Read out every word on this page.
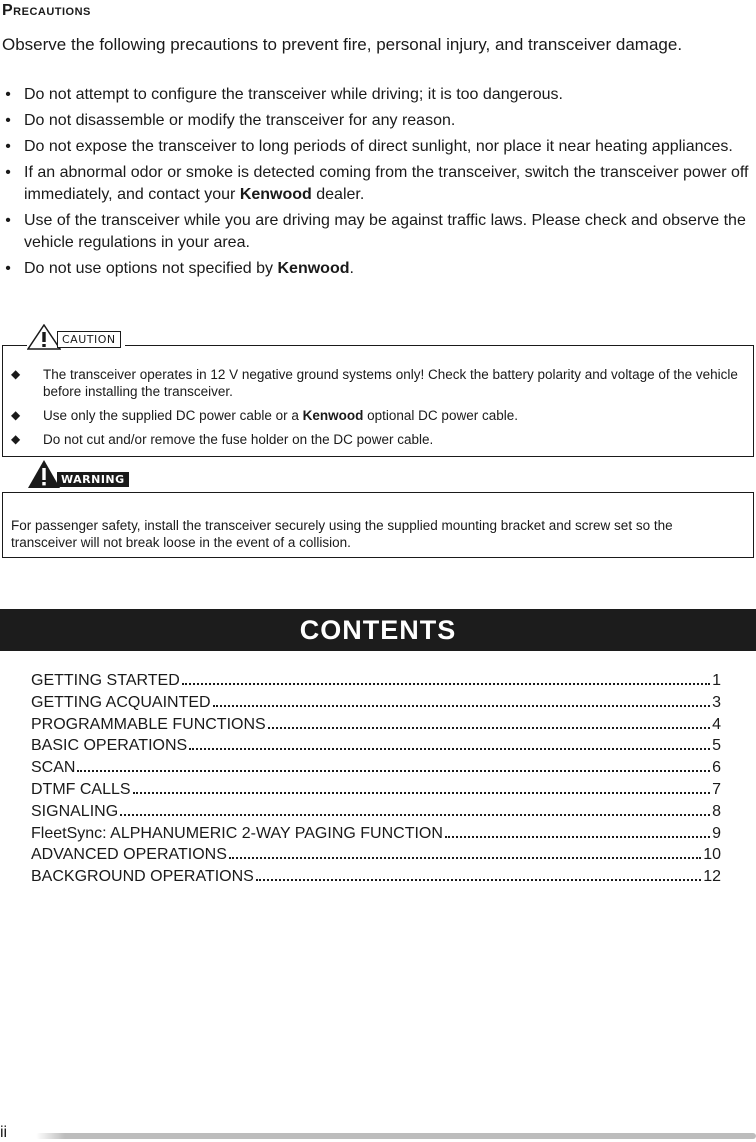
Precautions

Observe the following precautions to prevent fire, personal injury, and transceiver damage.

• Do not attempt to configure the transceiver while driving; it is too dangerous.
• Do not disassemble or modify the transceiver for any reason.
• Do not expose the transceiver to long periods of direct sunlight, nor place it near heating appliances.
• If an abnormal odor or smoke is detected coming from the transceiver, switch the transceiver power off immediately, and contact your Kenwood dealer.
• Use of the transceiver while you are driving may be against traffic laws. Please check and observe the vehicle regulations in your area.
• Do not use options not specified by Kenwood.
CAUTION
◆ The transceiver operates in 12 V negative ground systems only! Check the battery polarity and voltage of the vehicle before installing the transceiver.
◆ Use only the supplied DC power cable or a Kenwood optional DC power cable.
◆ Do not cut and/or remove the fuse holder on the DC power cable.
WARNING

For passenger safety, install the transceiver securely using the supplied mounting bracket and screw set so the transceiver will not break loose in the event of a collision.

CONTENTS
GETTING STARTED	1
GETTING ACQUAINTED	3
PROGRAMMABLE FUNCTIONS	4
BASIC OPERATIONS	5
SCAN	6
DTMF CALLS	7
SIGNALING	8
FleetSync: ALPHANUMERIC 2-WAY PAGING FUNCTION	9
ADVANCED OPERATIONS	10
BACKGROUND OPERATIONS	12
ii
